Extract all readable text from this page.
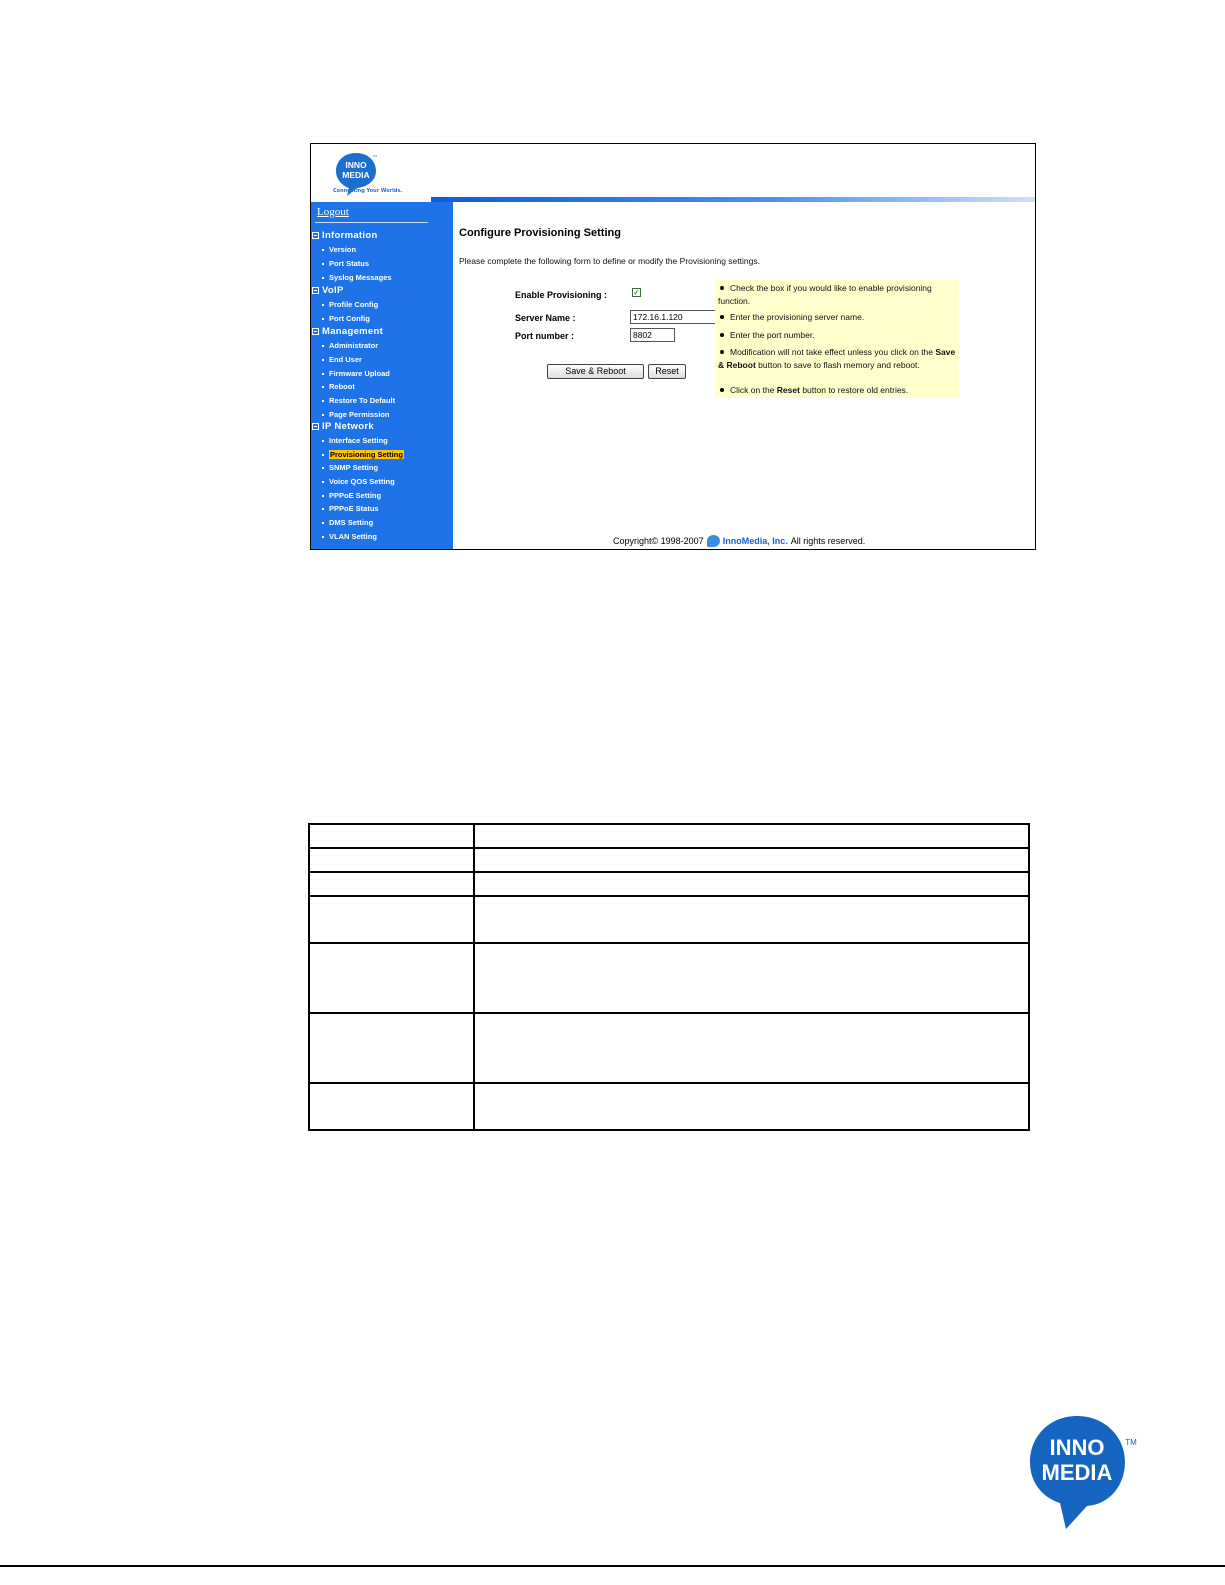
INNO
MEDIA
TM
Connecting Your Worlds.
Logout
Information
Version
Port Status
Syslog Messages
VoIP
Profile Config
Port Config
Management
Administrator
End User
Firmware Upload
Reboot
Restore To Default
Page Permission
IP Network
Interface Setting
Provisioning Setting
SNMP Setting
Voice QOS Setting
PPPoE Setting
PPPoE Status
DMS Setting
VLAN Setting
Configure Provisioning Setting
Please complete the following form to define or modify the Provisioning settings.
Enable Provisioning :	✓
Server Name :
172.16.1.120
Port number :
8802
Save & Reboot	Reset
Check the box if you would like to enable provisioning function.
Enter the provisioning server name.
Enter the port number.
Modification will not take effect unless you click on the Save & Reboot button to save to flash memory and reboot.
Click on the Reset button to restore old entries.
Copyright© 1998-2007 InnoMedia, Inc. All rights reserved.

INNO
MEDIA
TM
